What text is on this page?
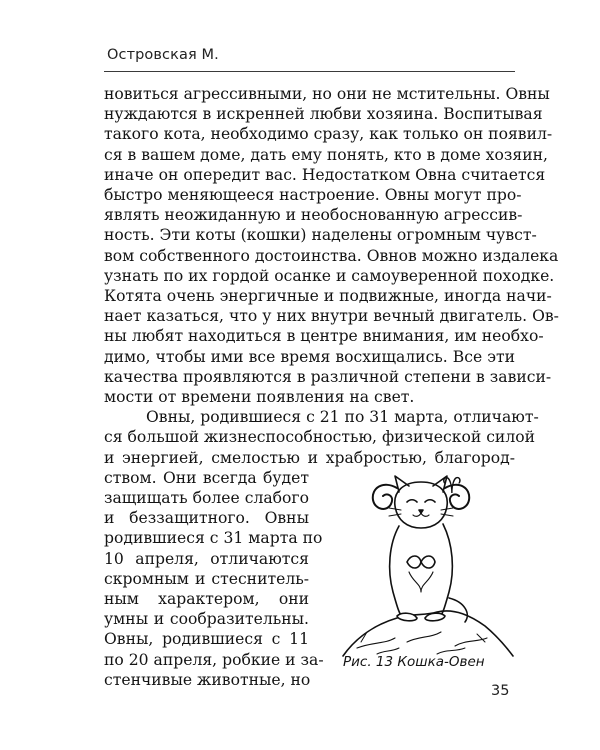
Островская М.
новиться агрессивными, но они не мстительны. Овны
нуждаются в искренней любви хозяина. Воспитывая
такого кота, необходимо сразу, как только он появил-
ся в вашем доме, дать ему понять, кто в доме хозяин,
иначе он опередит вас. Недостатком Овна считается
быстро меняющееся настроение. Овны могут про-
являть неожиданную и необоснованную агрессив-
ность. Эти коты (кошки) наделены огромным чувст-
вом собственного достоинства. Овнов можно издалека
узнать по их гордой осанке и самоуверенной походке.
Котята очень энергичные и подвижные, иногда начи-
нает казаться, что у них внутри вечный двигатель. Ов-
ны любят находиться в центре внимания, им необхо-
димо, чтобы ими все время восхищались. Все эти
качества проявляются в различной степени в зависи-
мости от времени появления на свет.
Овны, родившиеся с 21 по 31 марта, отличают-
ся большой жизнеспособностью, физической силой
и энергией, смелостью и храбростью, благород-
ством. Они всегда будет
защищать более слабого
и беззащитного. Овны
родившиеся с 31 марта по
10 апреля, отличаются
скромным и стеснитель-
ным характером, они
умны и сообразительны.
Овны, родившиеся с 11
по 20 апреля, робкие и за-
стенчивые животные, но
♈
Рис. 13 Кошка-Овен
35
